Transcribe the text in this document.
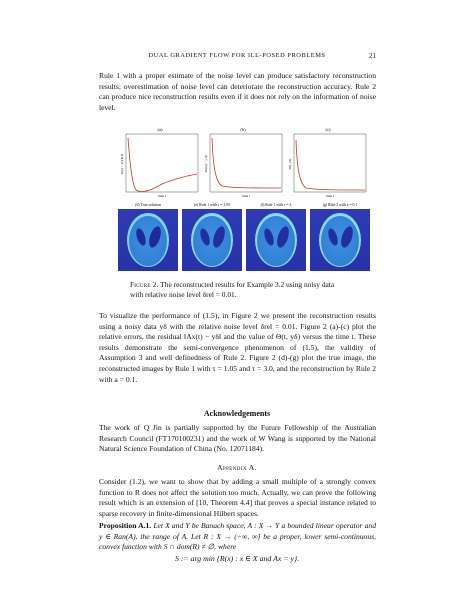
DUAL GRADIENT FLOW FOR ILL-POSED PROBLEMS	21

Rule 1 with a proper estimate of the noise level can produce satisfactory reconstruction results; overestimation of noise level can deteriorate the reconstruction accuracy. Rule 2 can produce nice reconstruction results even if it does not rely on the information of noise level.

(a)
‖x(t) − x†‖/‖x†‖
time t
(b)
‖Ax(t) − y δ‖
time t
(c)
Θ(t, yδ)
time t
(d) True solution	(e) Rule 1 with τ = 1.05	(f) Rule 1 with τ = 3	(g) Rule 2 with a = 0.1

Figure 2. The reconstructed results for Example 3.2 using noisy data with relative noise level δrel = 0.01.

To visualize the performance of (1.5), in Figure 2 we present the reconstruction results using a noisy data yδ with the relative noise level δrel = 0.01. Figure 2 (a)-(c) plot the relative errors, the residual ‖Ax(t) − yδ‖ and the value of Θ(t, yδ) versus the time t. These results demonstrate the semi-convergence phenomenon of (1.5), the validity of Assumption 3 and well definedness of Rule 2. Figure 2 (d)-(g) plot the true image, the reconstructed images by Rule 1 with τ = 1.05 and τ = 3.0, and the reconstruction by Rule 2 with a = 0.1.

Acknowledgements

The work of Q Jin is partially supported by the Future Fellowship of the Australian Research Council (FT170100231) and the work of W Wang is supported by the National Natural Science Foundation of China (No. 12071184).

Appendix A.

Consider (1.2), we want to show that by adding a small multiple of a strongly convex function to R does not affect the solution too much. Actually, we can prove the following result which is an extension of [10, Theorem 4.4] that proves a special instance related to sparse recovery in finite-dimensional Hilbert spaces.

Proposition A.1. Let X and Y be Banach space, A : X → Y a bounded linear operator and y ∈ Ran(A), the range of A. Let R : X → (−∞, ∞] be a proper, lower semi-continuous, convex function with S ∩ dom(R) ≠ ∅, where

S := arg min {R(x) : x ∈ X and Ax = y}.
